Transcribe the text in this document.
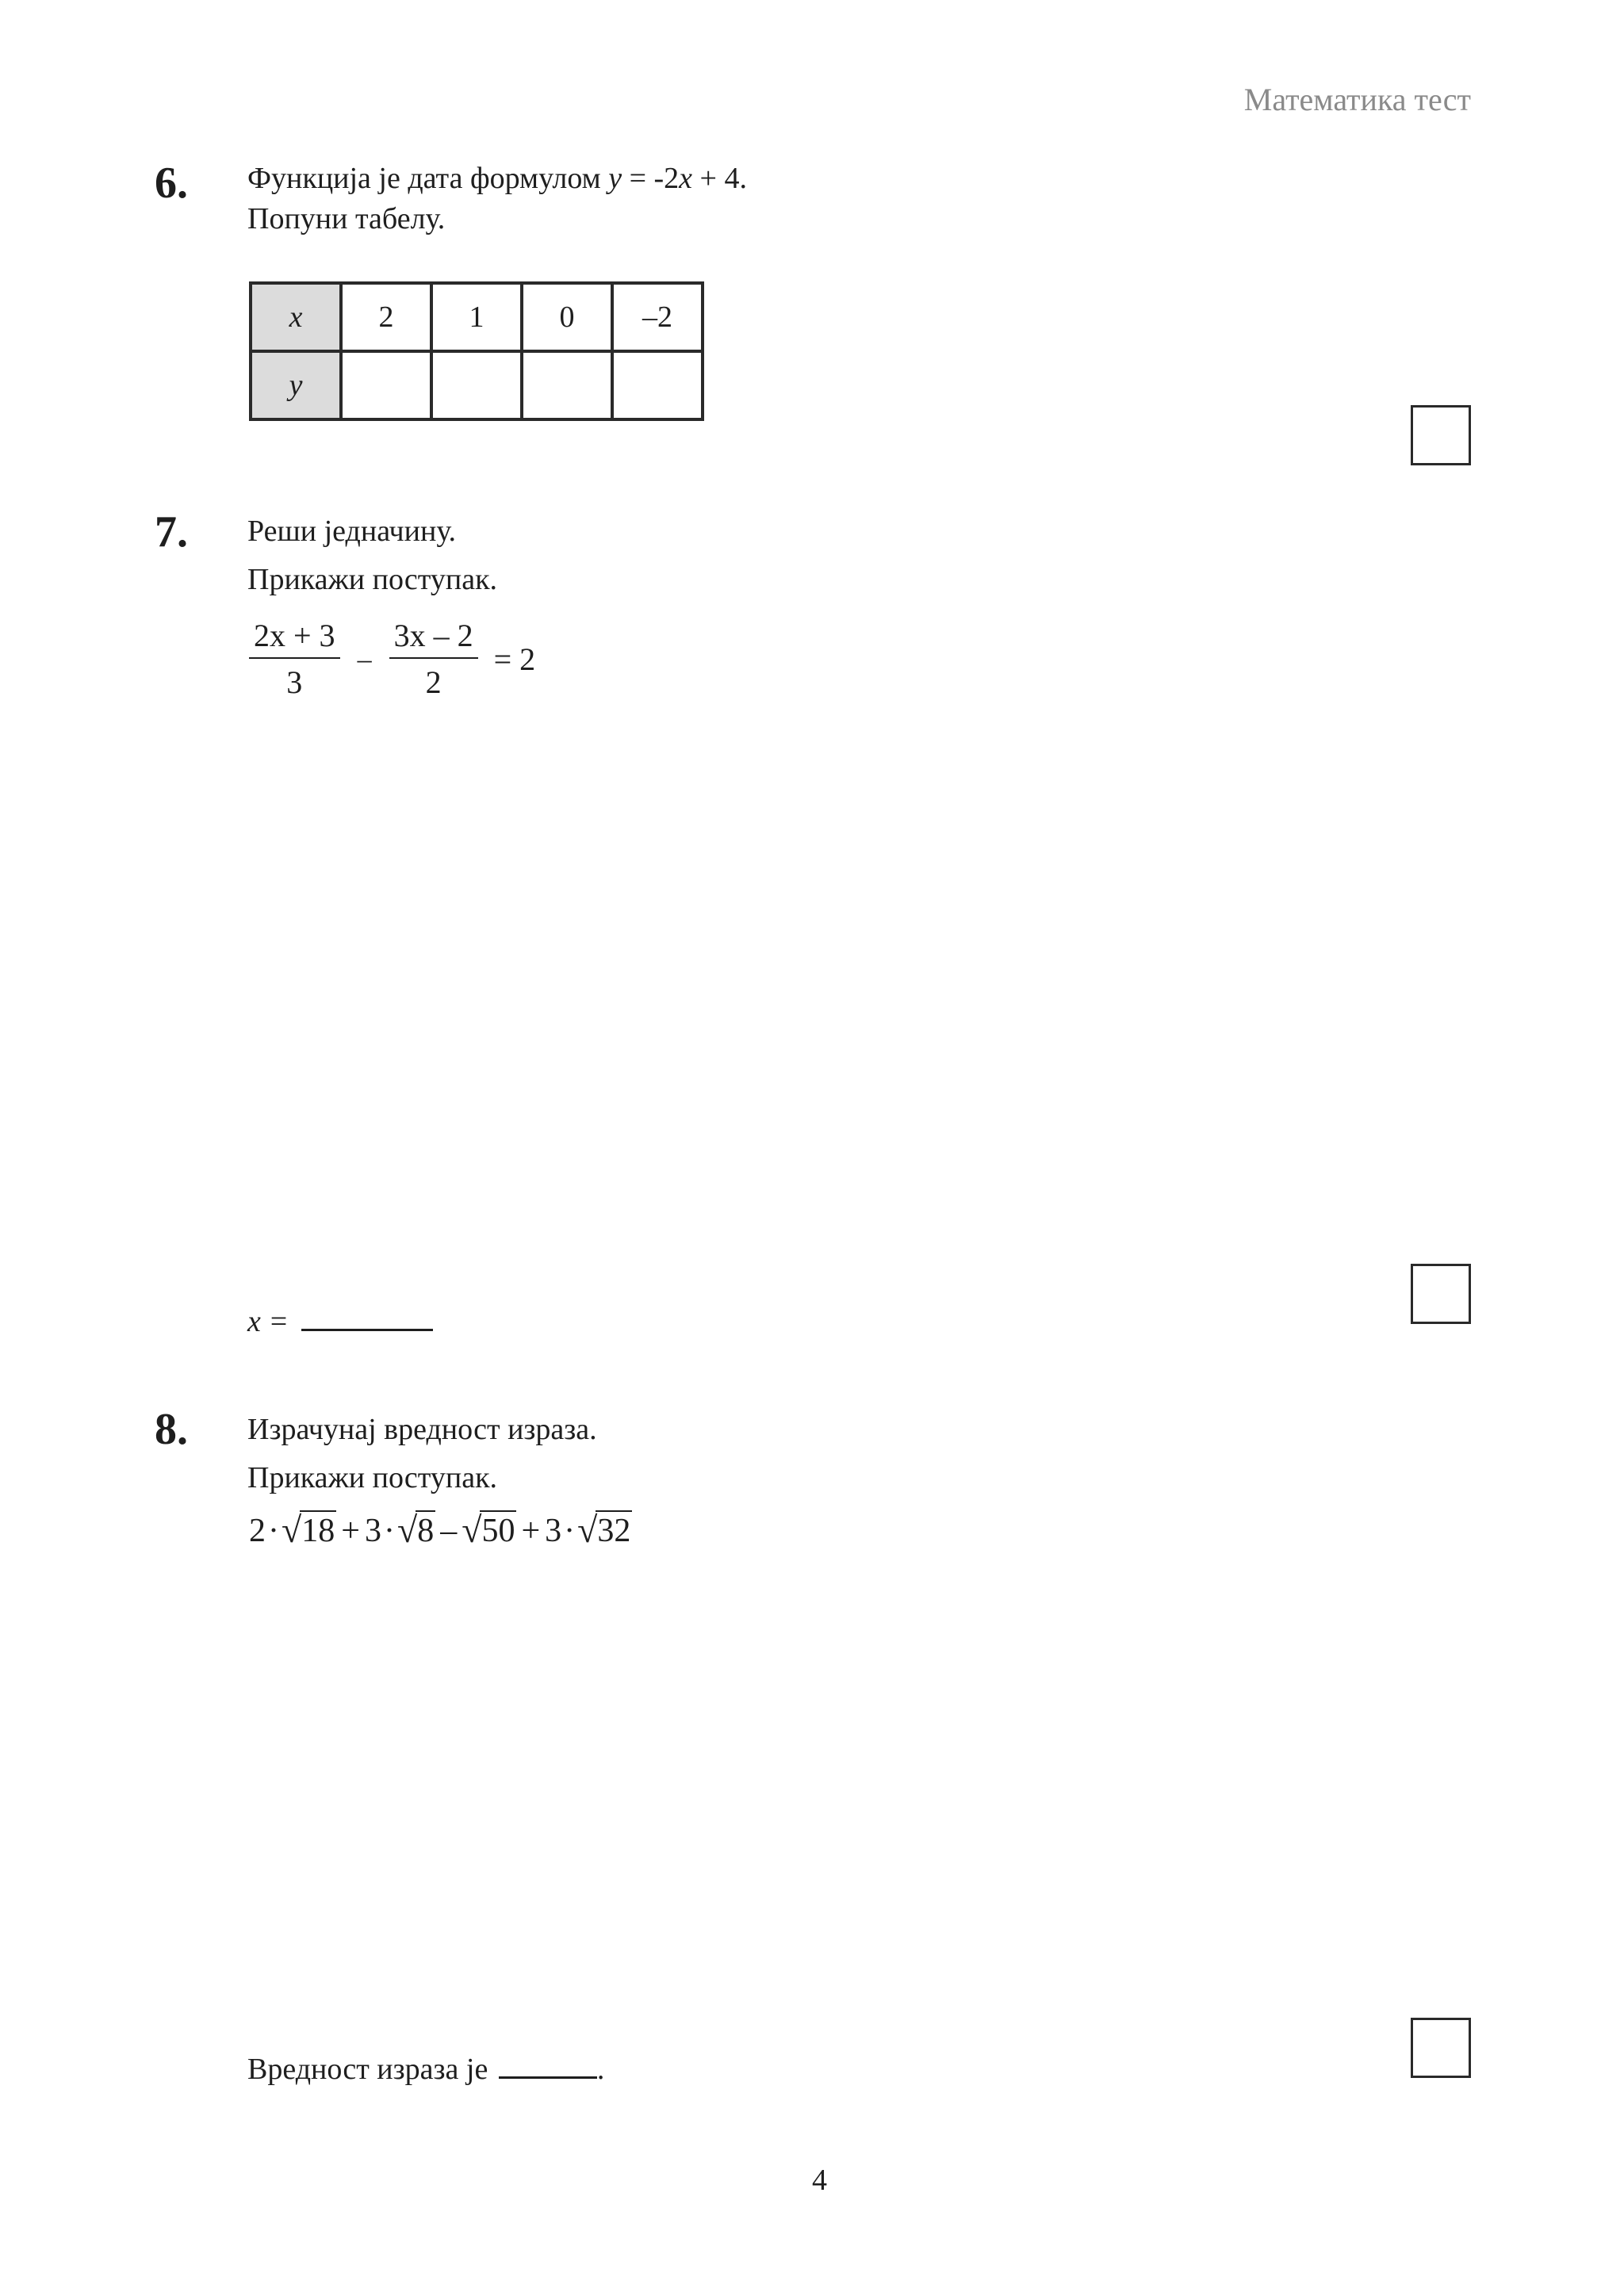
Математика тест
6. Функција је дата формулом y = -2x + 4.
Попуни табелу.
x	2	1	0	–2
y				
7. Реши једначину.
Прикажи поступак.
$\frac{2x + 3}{3} - \frac{3x - 2}{2} = 2$
x =
8. Израчунај вредност израза.
Прикажи поступак.
2 · √ 18 + 3 · √ 8 – √ 50 + 3 · √ 32
Вредност израза је	.
4
